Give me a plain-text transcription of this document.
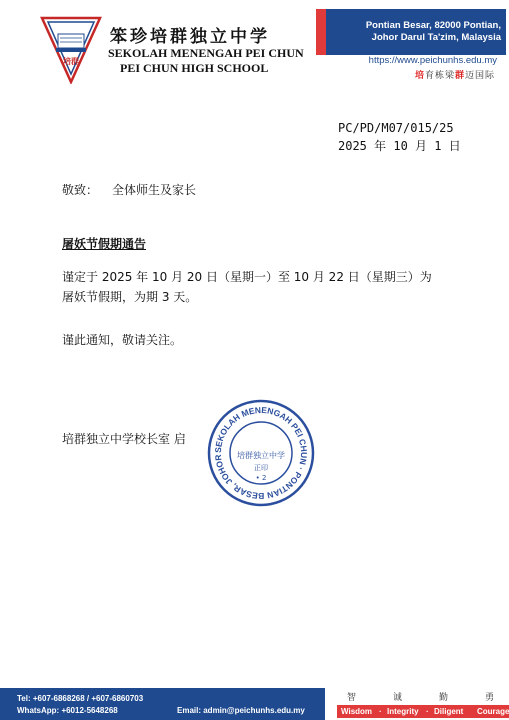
培群
笨珍培群独立中学
SEKOLAH MENENGAH PEI CHUN
PEI CHUN HIGH SCHOOL
Pontian Besar, 82000 Pontian,
Johor Darul Ta'zim, Malaysia
https://www.peichunhs.edu.my
培育栋梁群迈国际
PC/PD/M07/015/25
2025 年 10 月 1 日
敬致： 全体师生及家长
屠妖节假期通告
谨定于 2025 年 10 月 20 日（星期一）至 10 月 22 日（星期三）为
屠妖节假期，为期 3 天。
谨此通知，敬请关注。
培群独立中学校长室 启
SEKOLAH MENENGAH PEI CHUN · PONTIAN BESAR, JOHOR	培群独立中学
正印
• 2
Tel: +607-6868268 / +607-6860703
WhatsApp: +6012-5648268	Email: admin@peichunhs.edu.my
智	诚	勤	勇
Wisdom · Integrity · Diligent Courage
